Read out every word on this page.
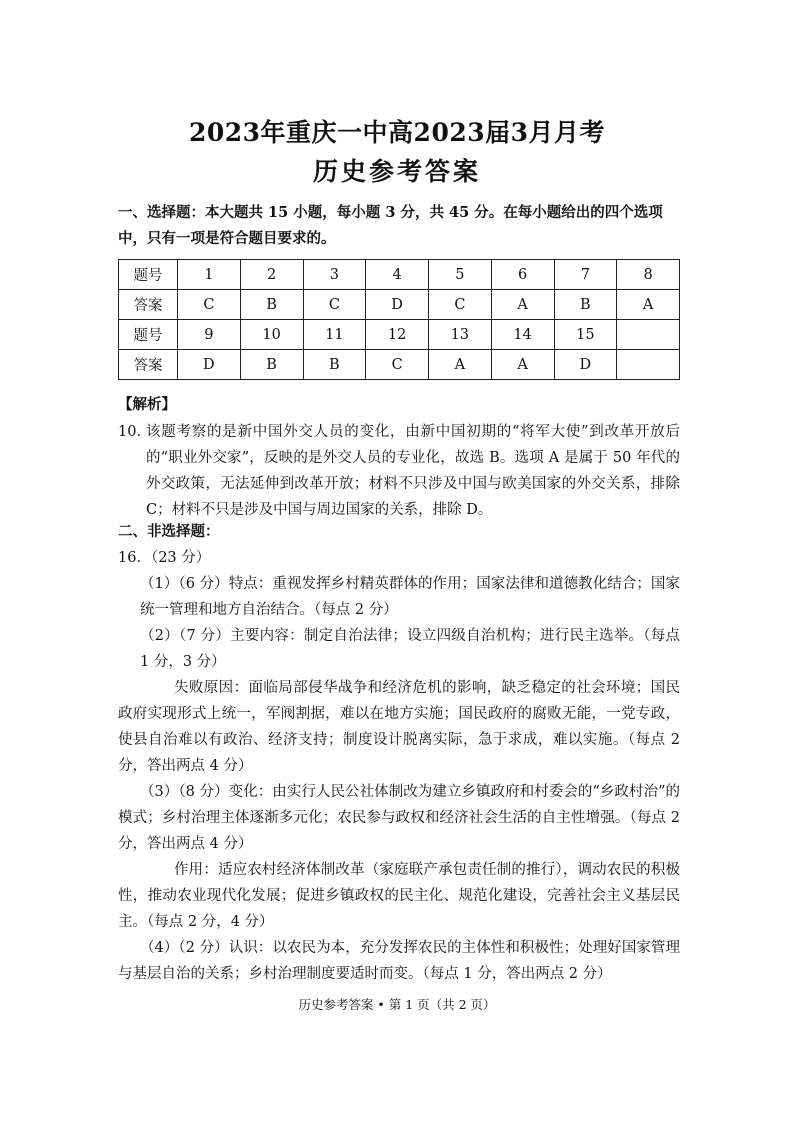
2023年重庆一中高2023届3月月考
历史参考答案
一、选择题：本大题共 15 小题，每小题 3 分，共 45 分。在每小题给出的四个选项中，只有一项是符合题目要求的。
题号	1	2	3	4	5	6	7	8
答案	C	B	C	D	C	A	B	A
题号	9	10	11	12	13	14	15	
答案	D	B	B	C	A	A	D	
【解析】
10．
该题考察的是新中国外交人员的变化，由新中国初期的“将军大使”到改革开放后的“职业外交家”，反映的是外交人员的专业化，故选 B。选项 A 是属于 50 年代的外交政策，无法延伸到改革开放；材料不只涉及中国与欧美国家的外交关系，排除 C；材料不只是涉及中国与周边国家的关系，排除 D。
二、非选择题：
16．（23 分）
（1）（6 分）特点：重视发挥乡村精英群体的作用；国家法律和道德教化结合；国家统一管理和地方自治结合。（每点 2 分）
（2）（7 分）主要内容：制定自治法律；设立四级自治机构；进行民主选举。（每点 1 分，3 分）
失败原因：面临局部侵华战争和经济危机的影响，缺乏稳定的社会环境；国民政府实现形式上统一，军阀割据，难以在地方实施；国民政府的腐败无能，一党专政，使县自治难以有政治、经济支持；制度设计脱离实际，急于求成，难以实施。（每点 2 分，答出两点 4 分）
（3）（8 分）变化：由实行人民公社体制改为建立乡镇政府和村委会的“乡政村治”的模式；乡村治理主体逐渐多元化；农民参与政权和经济社会生活的自主性增强。（每点 2 分，答出两点 4 分）
作用：适应农村经济体制改革（家庭联产承包责任制的推行），调动农民的积极性，推动农业现代化发展；促进乡镇政权的民主化、规范化建设，完善社会主义基层民主。（每点 2 分，4 分）
（4）（2 分）认识：以农民为本，充分发挥农民的主体性和积极性；处理好国家管理与基层自治的关系；乡村治理制度要适时而变。（每点 1 分，答出两点 2 分）
历史参考答案 • 第 1 页（共 2 页）
